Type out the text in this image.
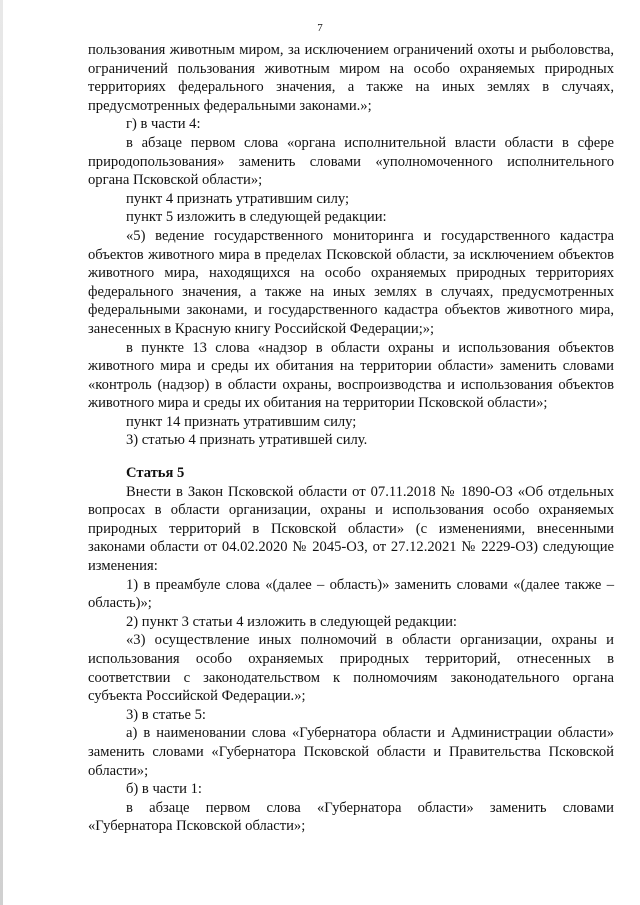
7

пользования животным миром, за исключением ограничений охоты и рыболовства, ограничений пользования животным миром на особо охраняемых природных территориях федерального значения, а также на иных землях в случаях, предусмотренных федеральными законами.»;

г) в части 4:

в абзаце первом слова «органа исполнительной власти области в сфере природопользования» заменить словами «уполномоченного исполнительного органа Псковской области»;

пункт 4 признать утратившим силу;

пункт 5 изложить в следующей редакции:

«5) ведение государственного мониторинга и государственного кадастра объектов животного мира в пределах Псковской области, за исключением объектов животного мира, находящихся на особо охраняемых природных территориях федерального значения, а также на иных землях в случаях, предусмотренных федеральными законами, и государственного кадастра объектов животного мира, занесенных в Красную книгу Российской Федерации;»;

в пункте 13 слова «надзор в области охраны и использования объектов животного мира и среды их обитания на территории области» заменить словами «контроль (надзор) в области охраны, воспроизводства и использования объектов животного мира и среды их обитания на территории Псковской области»;

пункт 14 признать утратившим силу;

3) статью 4 признать утратившей силу.

Статья 5

Внести в Закон Псковской области от 07.11.2018 № 1890-ОЗ «Об отдельных вопросах в области организации, охраны и использования особо охраняемых природных территорий в Псковской области» (с изменениями, внесенными законами области от 04.02.2020 № 2045-ОЗ, от 27.12.2021 № 2229-ОЗ) следующие изменения:

1) в преамбуле слова «(далее – область)» заменить словами «(далее также – область)»;

2) пункт 3 статьи 4 изложить в следующей редакции:

«3) осуществление иных полномочий в области организации, охраны и использования особо охраняемых природных территорий, отнесенных в соответствии с законодательством к полномочиям законодательного органа субъекта Российской Федерации.»;

3) в статье 5:

а) в наименовании слова «Губернатора области и Администрации области» заменить словами «Губернатора Псковской области и Правительства Псковской области»;

б) в части 1:

в абзаце первом слова «Губернатора области» заменить словами «Губернатора Псковской области»;
